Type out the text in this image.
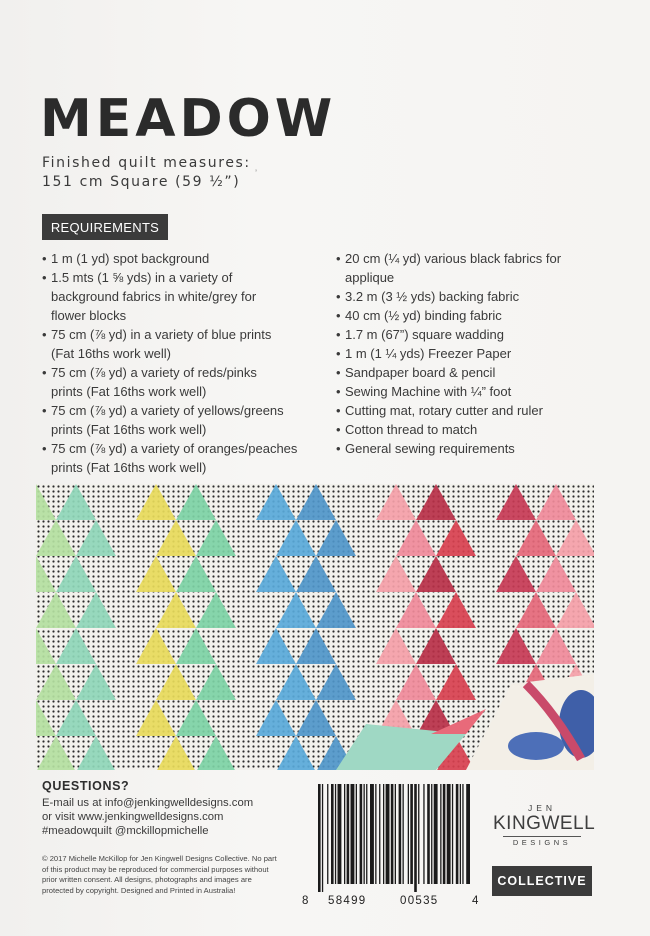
MEADOW
Finished quilt measures:
151 cm Square (59 ½”)
’
REQUIREMENTS
• 1 m (1 yd) spot background
• 1.5 mts (1 ⅝ yds) in a variety of
background fabrics in white/grey for
flower blocks
• 75 cm (⅞ yd) in a variety of blue prints
(Fat 16ths work well)
• 75 cm (⅞ yd) a variety of reds/pinks
prints (Fat 16ths work well)
• 75 cm (⅞ yd) a variety of yellows/greens
prints (Fat 16ths work well)
• 75 cm (⅞ yd) a variety of oranges/peaches
prints (Fat 16ths work well)
• 20 cm (¼ yd) various black fabrics for
applique
• 3.2 m (3 ½ yds) backing fabric
• 40 cm (½ yd) binding fabric
• 1.7 m (67”) square wadding
• 1 m (1 ¼ yds) Freezer Paper
• Sandpaper board & pencil
• Sewing Machine with ¼” foot
• Cutting mat, rotary cutter and ruler
• Cotton thread to match
• General sewing requirements
QUESTIONS?
E-mail us at info@jenkingwelldesigns.com
or visit www.jenkingwelldesigns.com
#meadowquilt @mckillopmichelle
© 2017 Michelle McKillop for Jen Kingwell Designs Collective. No part of this product may be reproduced for commercial purposes without prior written consent. All designs, photographs and images are protected by copyright. Designed and Printed in Australia!
8 58499	00535	4
JEN
KINGWELL
DESIGNS
COLLECTIVE
